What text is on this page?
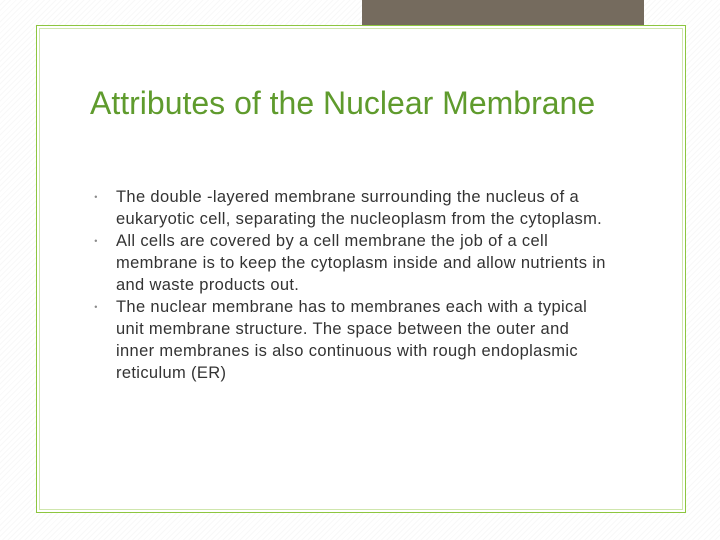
Attributes of the Nuclear Membrane
• The double -layered membrane surrounding the nucleus of a eukaryotic cell, separating the nucleoplasm from the cytoplasm.
• All cells are covered by a cell membrane the job of a cell membrane is to keep the cytoplasm inside and allow nutrients in and waste products out.
• The nuclear membrane has to membranes each with a typical unit membrane structure. The space between the outer and inner membranes is also continuous with rough endoplasmic reticulum (ER)
